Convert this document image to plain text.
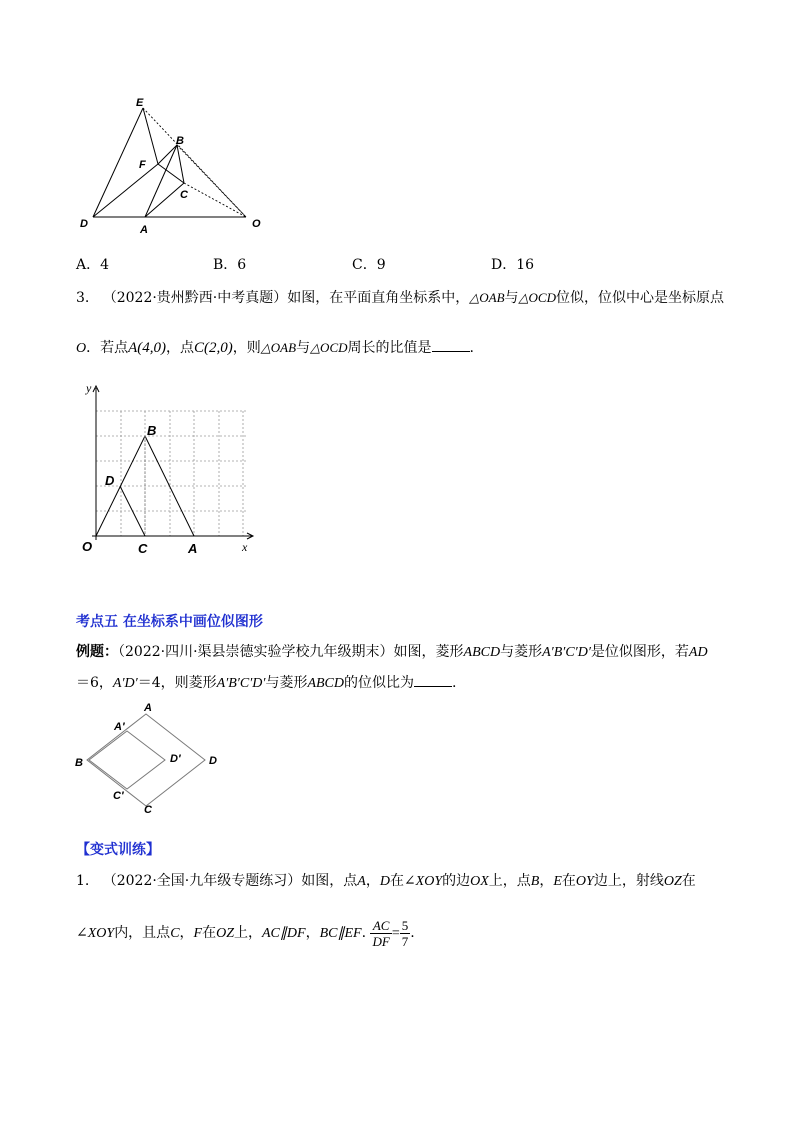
E
B
F
C
D	A	O
A．4	B．6	C．9	D．16
3. （2022·贵州黔西·中考真题）如图，在平面直角坐标系中，△OAB与△OCD位似，位似中心是坐标原点
O．若点A(4,0)，点C(2,0)，则△OAB与△OCD周长的比值是	.
y
x
O
B
D
C	A
考点五 在坐标系中画位似图形
例题：（2022·四川·渠县崇德实验学校九年级期末）如图，菱形ABCD与菱形A′B′C′D′是位似图形，若AD
＝6，A′D′＝4，则菱形A′B′C′D′与菱形ABCD的位似比为	.
A
A′
B	D′	D
C′
C
【变式训练】
1. （2022·全国·九年级专题练习）如图，点A，D在∠XOY的边OX上，点B，E在OY边上，射线OZ在
∠XOY内，且点C，F在OZ上，AC∥DF，BC∥EF. $\frac{AC}{DF} = \frac{5}{7}$ .
